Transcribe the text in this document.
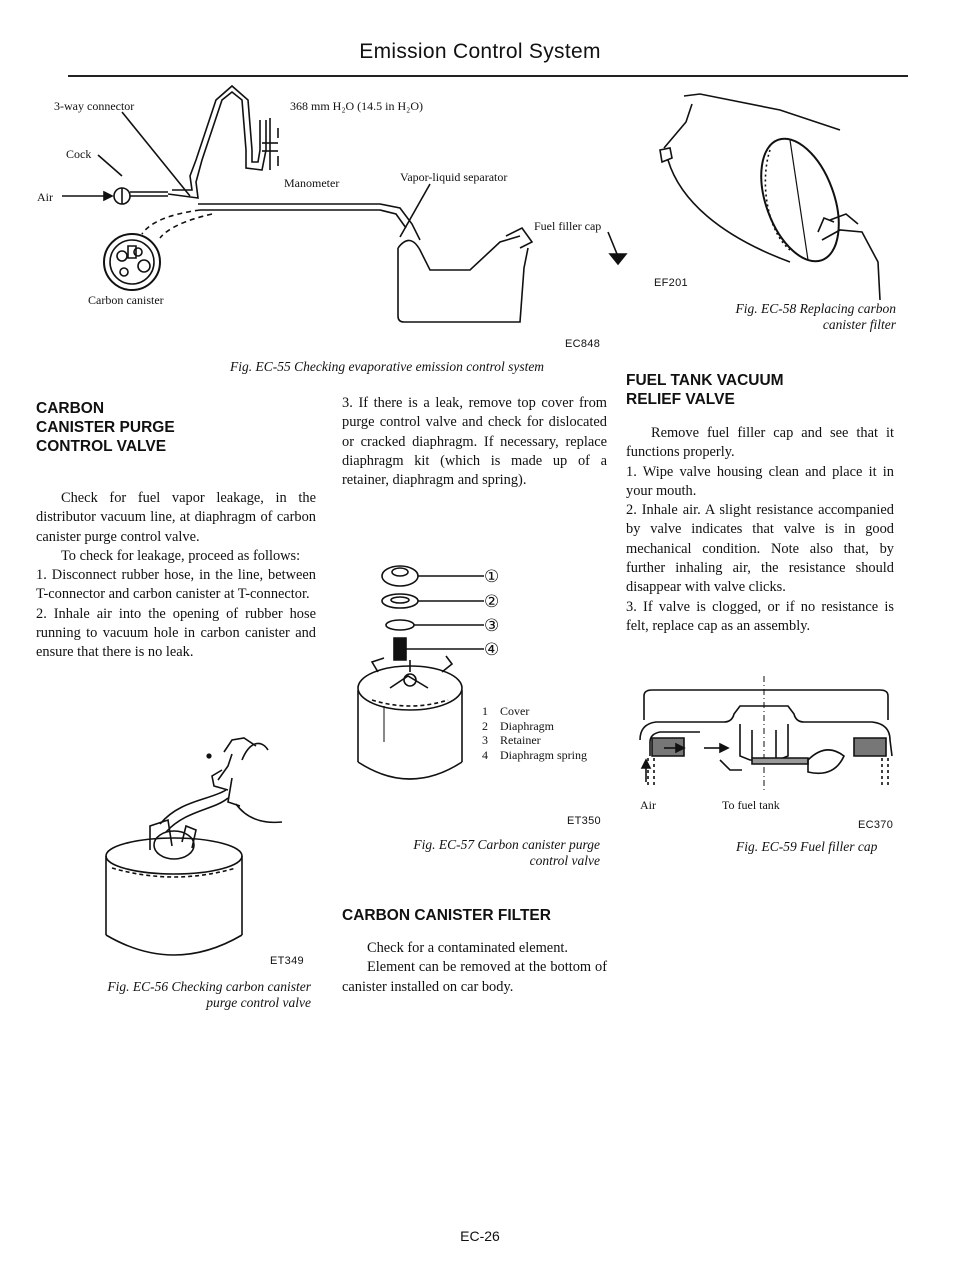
Emission Control System
3-way connector	368 mm H₂O (14.5 in H₂O)
Cock
Air
Manometer	Vapor-liquid separator
Fuel filler cap
Carbon canister
EC848
Fig. EC-55 Checking evaporative emission control system
EF201
Fig. EC-58 Replacing carbon
canister filter
CARBON
CANISTER PURGE
CONTROL VALVE

Check for fuel vapor leakage, in the distributor vacuum line, at diaphragm of carbon canister purge control valve.

To check for leakage, proceed as follows:

1. Disconnect rubber hose, in the line, between T-connector and carbon canister at T-connector.

2. Inhale air into the opening of rubber hose running to vacuum hole in carbon canister and ensure that there is no leak.

ET349
Fig. EC-56 Checking carbon canister
purge control valve

3. If there is a leak, remove top cover from purge control valve and check for dislocated or cracked diaphragm. If necessary, replace diaphragm kit (which is made up of a retainer, diaphragm and spring).

①
②
③
④
1 Cover
2 Diaphragm
3 Retainer
4 Diaphragm spring
ET350
Fig. EC-57 Carbon canister purge
control valve
CARBON CANISTER FILTER

Check for a contaminated element.

Element can be removed at the bottom of canister installed on car body.

FUEL TANK VACUUM
RELIEF VALVE

Remove fuel filler cap and see that it functions properly.

1. Wipe valve housing clean and place it in your mouth.

2. Inhale air. A slight resistance accompanied by valve indicates that valve is in good mechanical condition. Note also that, by further inhaling air, the resistance should disappear with valve clicks.

3. If valve is clogged, or if no resistance is felt, replace cap as an assembly.

Air	To fuel tank
EC370
Fig. EC-59 Fuel filler cap
EC-26
